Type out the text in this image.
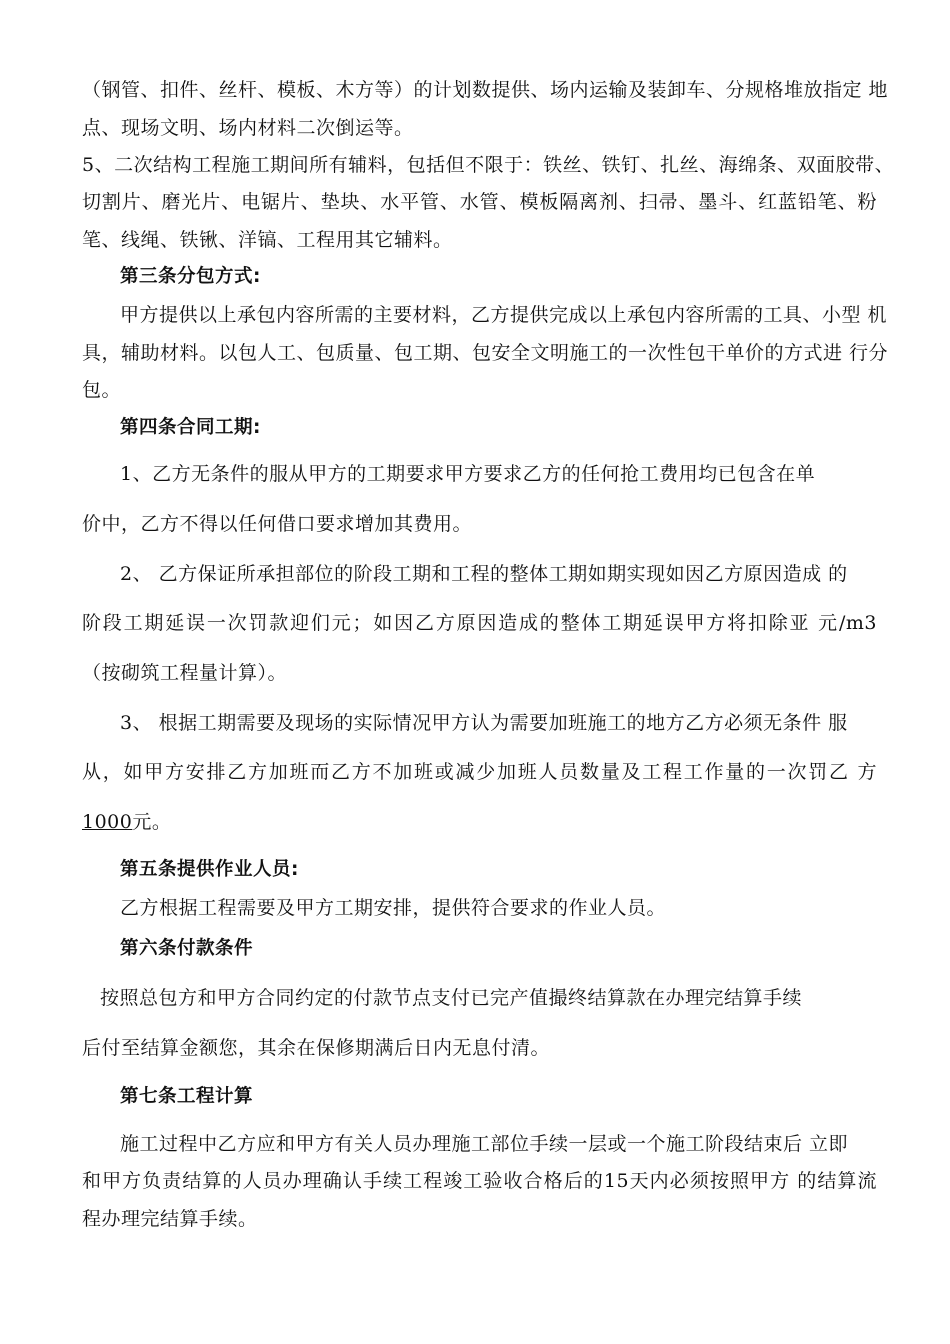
（钢管、扣件、丝杆、模板、木方等）的计划数提供、场内运输及装卸车、分规格堆放指定 地
点、现场文明、场内材料二次倒运等。
5、二次结构工程施工期间所有辅料，包括但不限于：铁丝、铁钉、扎丝、海绵条、双面胶带、
切割片、磨光片、电锯片、垫块、水平管、水管、模板隔离剂、扫帚、墨斗、红蓝铅笔、粉
笔、线绳、铁锹、洋镐、工程用其它辅料。
第三条分包方式:
甲方提供以上承包内容所需的主要材料，乙方提供完成以上承包内容所需的工具、小型 机
具，辅助材料。以包人工、包质量、包工期、包安全文明施工的一次性包干单价的方式进 行分
包。
第四条合同工期:
1、乙方无条件的服从甲方的工期要求甲方要求乙方的任何抢工费用均已包含在单
价中，乙方不得以任何借口要求增加其费用。
2、 乙方保证所承担部位的阶段工期和工程的整体工期如期实现如因乙方原因造成 的
阶段工期延误一次罚款迎们元；如因乙方原因造成的整体工期延误甲方将扣除亚 元/m3
（按砌筑工程量计算）。
3、 根据工期需要及现场的实际情况甲方认为需要加班施工的地方乙方必须无条件 服
从，如甲方安排乙方加班而乙方不加班或减少加班人员数量及工程工作量的一次罚乙 方
1000元。
第五条提供作业人员:
乙方根据工程需要及甲方工期安排，提供符合要求的作业人员。
第六条付款条件
按照总包方和甲方合同约定的付款节点支付已完产值撮终结算款在办理完结算手续
后付至结算金额您，其余在保修期满后日内无息付清。
第七条工程计算
施工过程中乙方应和甲方有关人员办理施工部位手续一层或一个施工阶段结束后 立即
和甲方负责结算的人员办理确认手续工程竣工验收合格后的15天内必须按照甲方 的结算流
程办理完结算手续。
